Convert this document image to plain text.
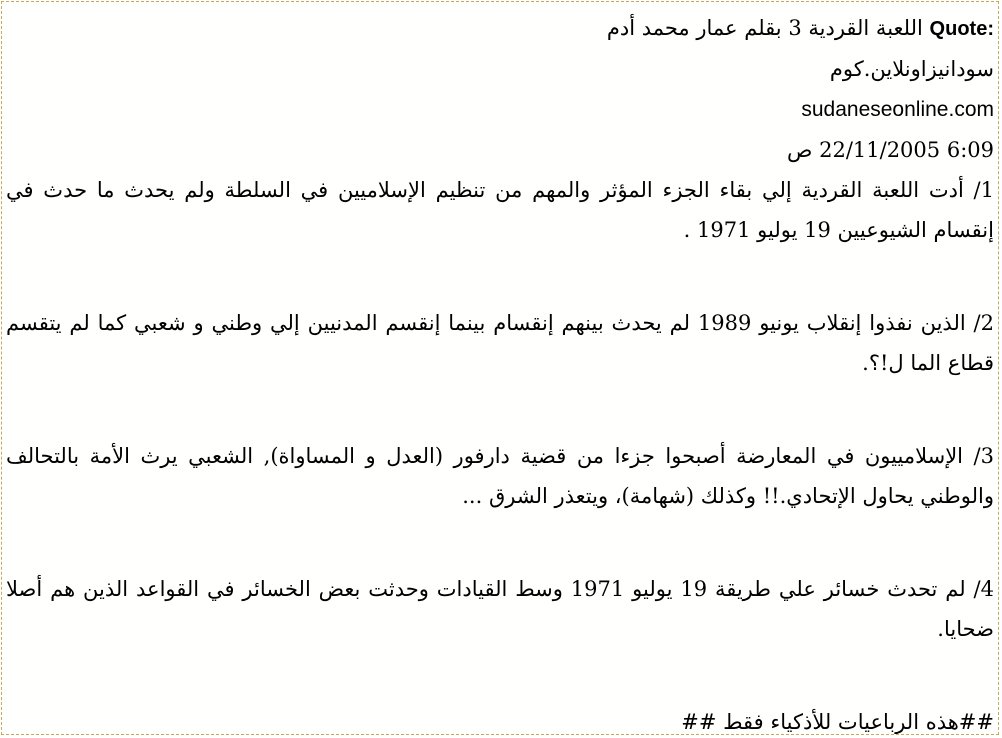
Quote: اللعبة القردية 3 بقلم عمار محمد أدم
سودانيزاونلاين.كوم
sudaneseonline.com
22/11/2005 6:09 ص
1/ أدت اللعبة القردية إلي بقاء الجزء المؤثر والمهم من تنظيم الإسلاميين في السلطة ولم يحدث ما حدث في إنقسام الشيوعيين 19 يوليو 1971 .
2/ الذين نفذوا إنقلاب يونيو 1989 لم يحدث بينهم إنقسام بينما إنقسم المدنيين إلي وطني و شعبي كما لم يتقسم قطاع الما ل!؟.
3/ الإسلامييون في المعارضة أصبحوا جزءا من قضية دارفور (العدل و المساواة), الشعبي يرث الأمة بالتحالف والوطني يحاول الإتحادي.!! وكذلك (شهامة)، ويتعذر الشرق ...
4/ لم تحدث خسائر علي طريقة 19 يوليو 1971 وسط القيادات وحدثت بعض الخسائر في القواعد الذين هم أصلا ضحايا.
##هذه الرباعيات للأذكياء فقط ##
